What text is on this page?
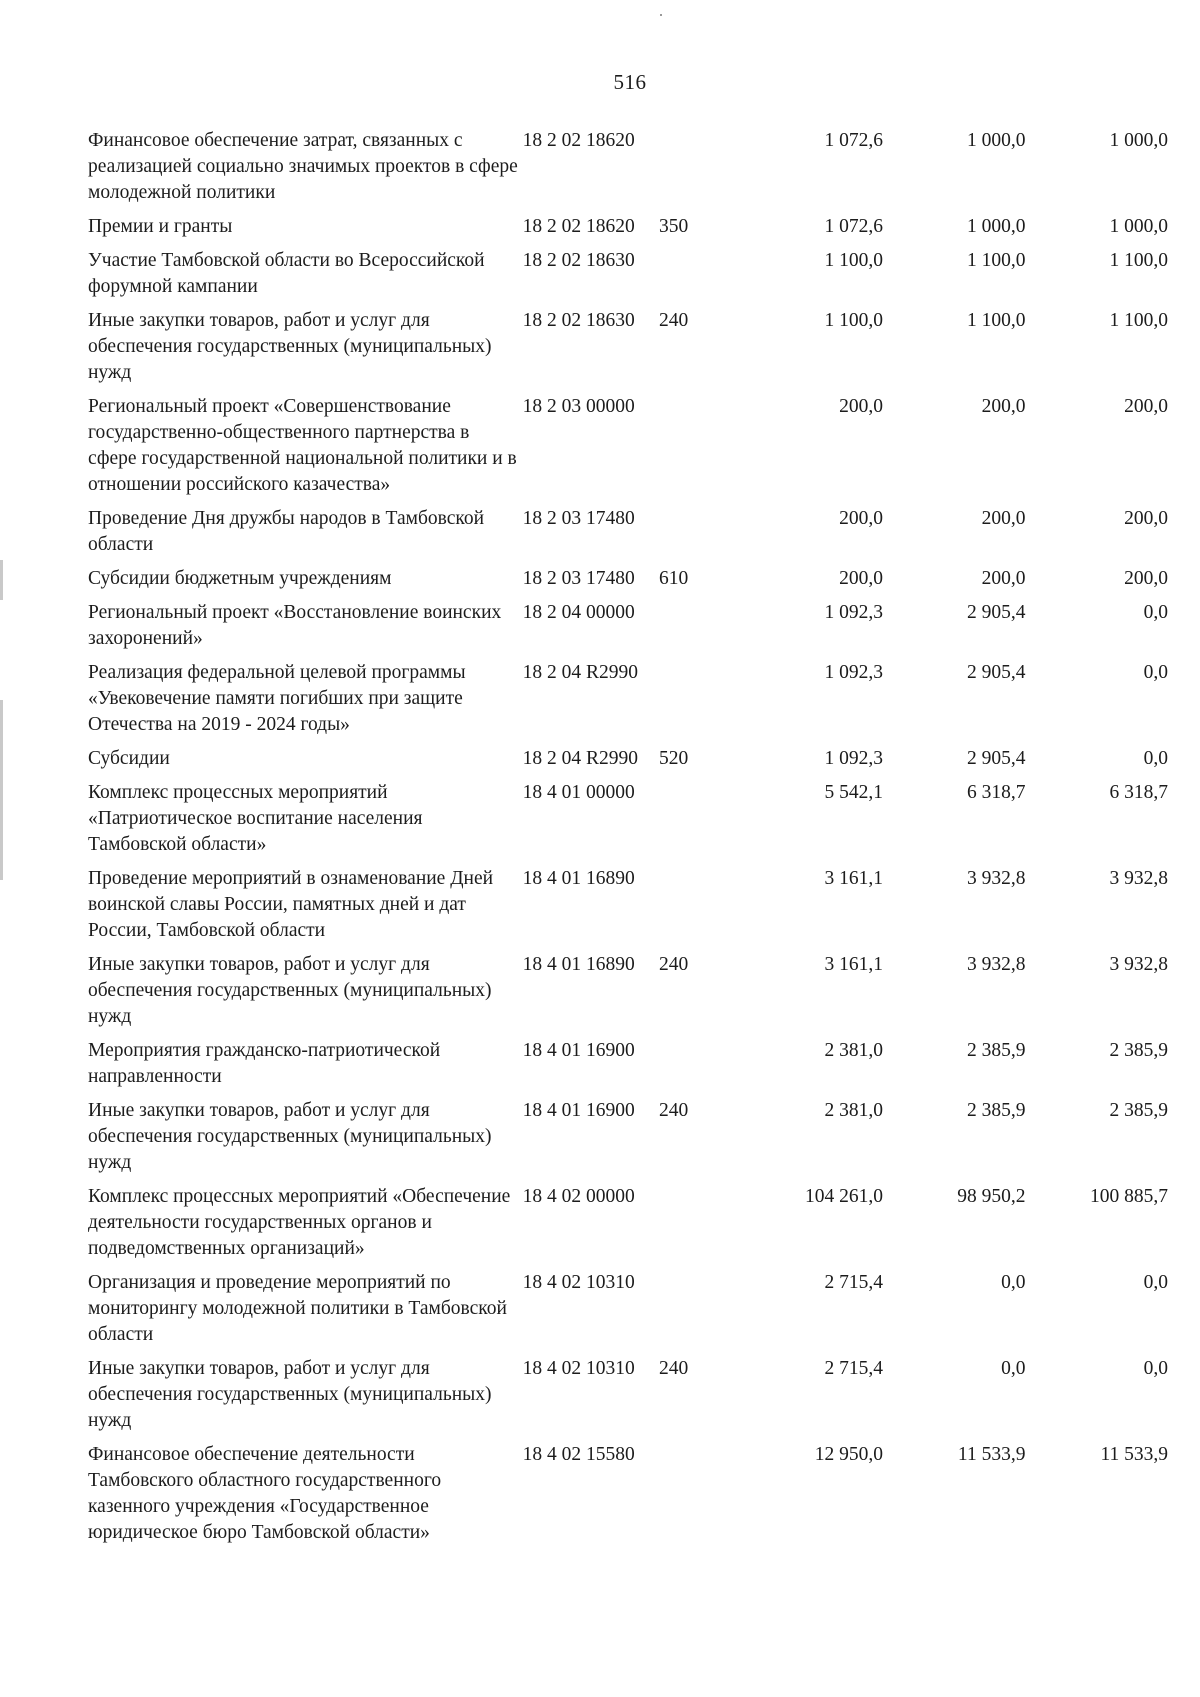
516
Финансовое обеспечение затрат, связанных с реализацией социально значимых проектов в сфере молодежной политики	18 2 02 18620		1 072,6	1 000,0	1 000,0
Премии и гранты	18 2 02 18620	350	1 072,6	1 000,0	1 000,0
Участие Тамбовской области во Всероссийской форумной кампании	18 2 02 18630		1 100,0	1 100,0	1 100,0
Иные закупки товаров, работ и услуг для обеспечения государственных (муниципальных) нужд	18 2 02 18630	240	1 100,0	1 100,0	1 100,0
Региональный проект «Совершенствование государственно-общественного партнерства в сфере государственной национальной политики и в отношении российского казачества»	18 2 03 00000		200,0	200,0	200,0
Проведение Дня дружбы народов в Тамбовской области	18 2 03 17480		200,0	200,0	200,0
Субсидии бюджетным учреждениям	18 2 03 17480	610	200,0	200,0	200,0
Региональный проект «Восстановление воинских захоронений»	18 2 04 00000		1 092,3	2 905,4	0,0
Реализация федеральной целевой программы «Увековечение памяти погибших при защите Отечества на 2019 - 2024 годы»	18 2 04 R2990		1 092,3	2 905,4	0,0
Субсидии	18 2 04 R2990	520	1 092,3	2 905,4	0,0
Комплекс процессных мероприятий «Патриотическое воспитание населения Тамбовской области»	18 4 01 00000		5 542,1	6 318,7	6 318,7
Проведение мероприятий в ознаменование Дней воинской славы России, памятных дней и дат России, Тамбовской области	18 4 01 16890		3 161,1	3 932,8	3 932,8
Иные закупки товаров, работ и услуг для обеспечения государственных (муниципальных) нужд	18 4 01 16890	240	3 161,1	3 932,8	3 932,8
Мероприятия гражданско-патриотической направленности	18 4 01 16900		2 381,0	2 385,9	2 385,9
Иные закупки товаров, работ и услуг для обеспечения государственных (муниципальных) нужд	18 4 01 16900	240	2 381,0	2 385,9	2 385,9
Комплекс процессных мероприятий «Обеспечение деятельности государственных органов и подведомственных организаций»	18 4 02 00000		104 261,0	98 950,2	100 885,7
Организация и проведение мероприятий по мониторингу молодежной политики в Тамбовской области	18 4 02 10310		2 715,4	0,0	0,0
Иные закупки товаров, работ и услуг для обеспечения государственных (муниципальных) нужд	18 4 02 10310	240	2 715,4	0,0	0,0
Финансовое обеспечение деятельности Тамбовского областного государственного казенного учреждения «Государственное юридическое бюро Тамбовской области»	18 4 02 15580		12 950,0	11 533,9	11 533,9
